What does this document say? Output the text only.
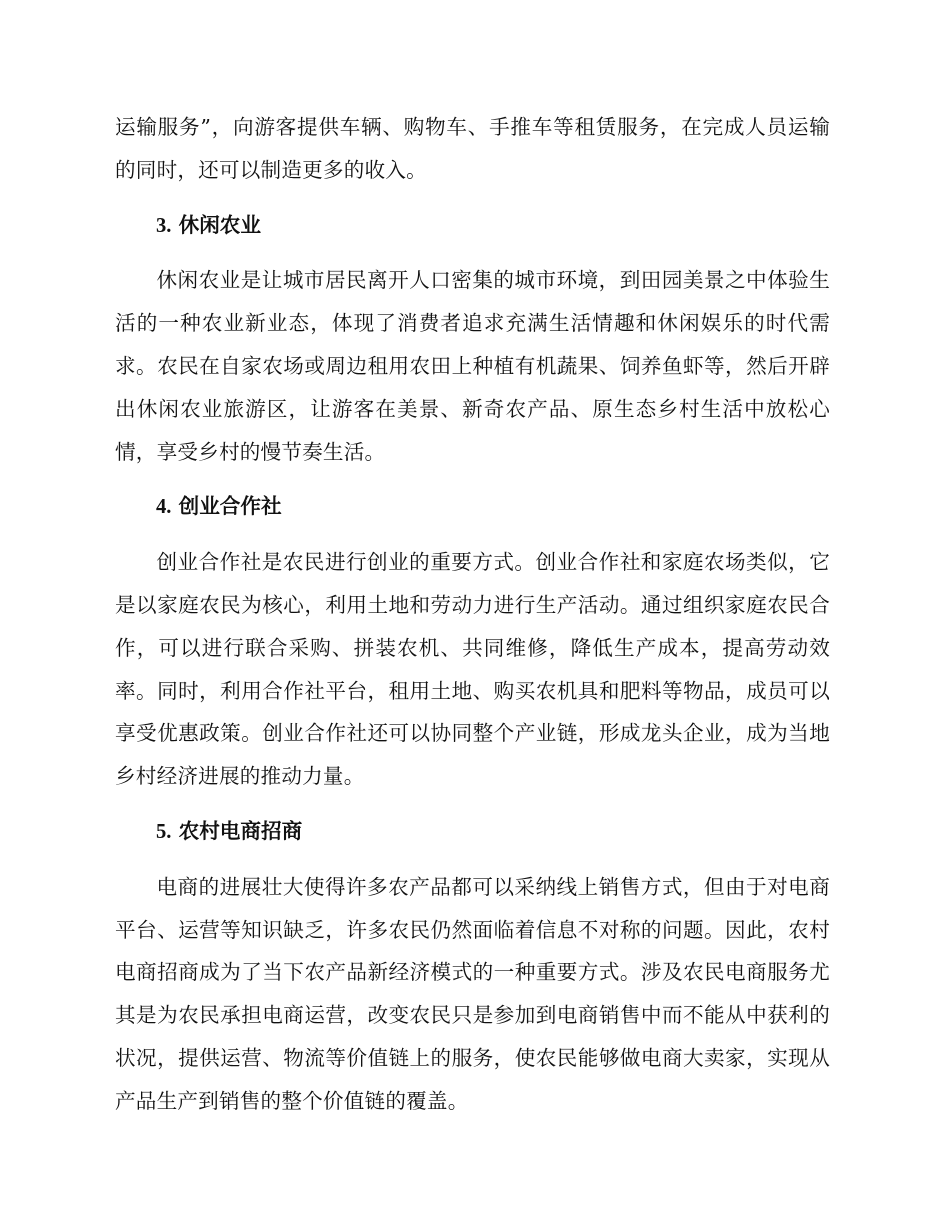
运输服务”，向游客提供车辆、购物车、手推车等租赁服务，在完成人员运输的同时，还可以制造更多的收入。

3. 休闲农业

休闲农业是让城市居民离开人口密集的城市环境，到田园美景之中体验生活的一种农业新业态，体现了消费者追求充满生活情趣和休闲娱乐的时代需求。农民在自家农场或周边租用农田上种植有机蔬果、饲养鱼虾等，然后开辟出休闲农业旅游区，让游客在美景、新奇农产品、原生态乡村生活中放松心情，享受乡村的慢节奏生活。

4. 创业合作社

创业合作社是农民进行创业的重要方式。创业合作社和家庭农场类似，它是以家庭农民为核心，利用土地和劳动力进行生产活动。通过组织家庭农民合作，可以进行联合采购、拼装农机、共同维修，降低生产成本，提高劳动效率。同时，利用合作社平台，租用土地、购买农机具和肥料等物品，成员可以享受优惠政策。创业合作社还可以协同整个产业链，形成龙头企业，成为当地乡村经济进展的推动力量。

5. 农村电商招商

电商的进展壮大使得许多农产品都可以采纳线上销售方式，但由于对电商平台、运营等知识缺乏，许多农民仍然面临着信息不对称的问题。因此，农村电商招商成为了当下农产品新经济模式的一种重要方式。涉及农民电商服务尤其是为农民承担电商运营，改变农民只是参加到电商销售中而不能从中获利的状况，提供运营、物流等价值链上的服务，使农民能够做电商大卖家，实现从产品生产到销售的整个价值链的覆盖。
